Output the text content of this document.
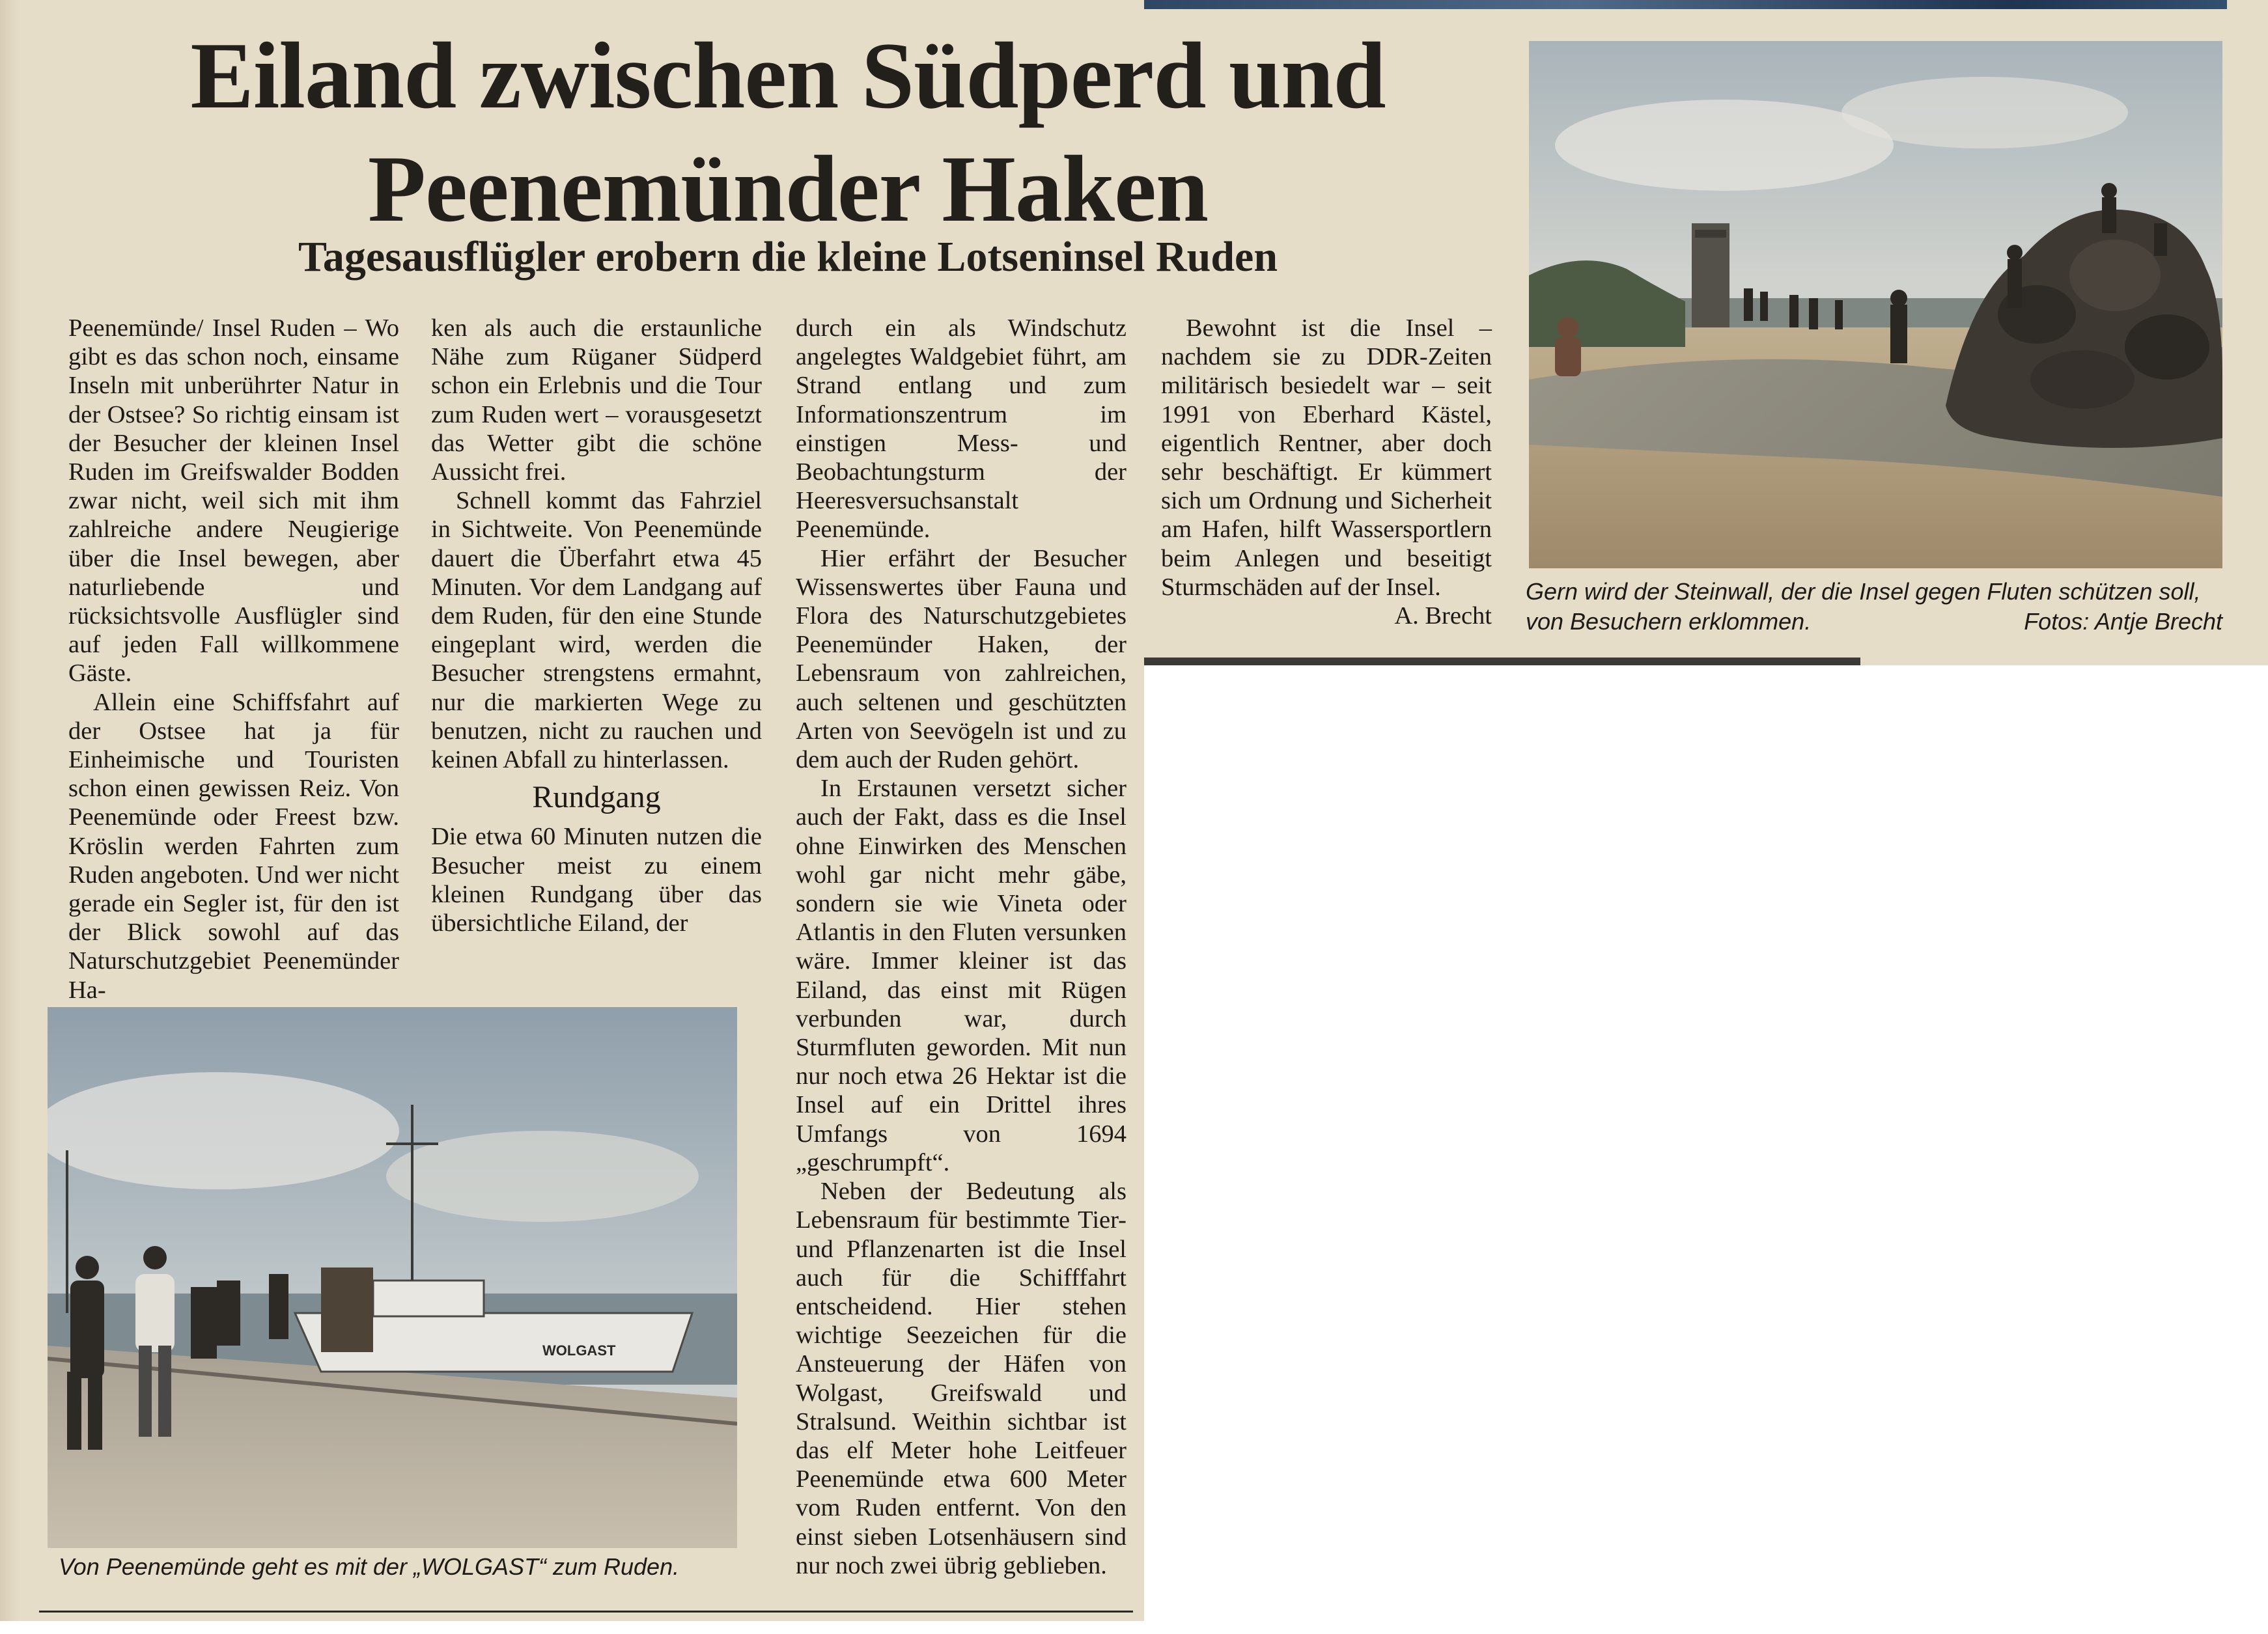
Eiland zwischen Südperd und
Peenemünder Haken
Tagesausflügler erobern die kleine Lotseninsel Ruden

Peenemünde/ Insel Ruden – Wo gibt es das schon noch, einsame Inseln mit unberührter Natur in der Ostsee? So richtig einsam ist der Besucher der kleinen Insel Ruden im Greifswalder Bodden zwar nicht, weil sich mit ihm zahlreiche andere Neugierige über die Insel bewegen, aber naturliebende und rücksichtsvolle Ausflügler sind auf jeden Fall willkommene Gäste.

Allein eine Schiffsfahrt auf der Ostsee hat ja für Einheimische und Touristen schon einen gewissen Reiz. Von Peenemünde oder Freest bzw. Kröslin werden Fahrten zum Ruden angeboten. Und wer nicht gerade ein Segler ist, für den ist der Blick sowohl auf das Naturschutzgebiet Peenemünder Ha-

ken als auch die erstaunliche Nähe zum Rüganer Südperd schon ein Erlebnis und die Tour zum Ruden wert – vorausgesetzt das Wetter gibt die schöne Aussicht frei.

Schnell kommt das Fahrziel in Sichtweite. Von Peenemünde dauert die Überfahrt etwa 45 Minuten. Vor dem Landgang auf dem Ruden, für den eine Stunde eingeplant wird, werden die Besucher strengstens ermahnt, nur die markierten Wege zu benutzen, nicht zu rauchen und keinen Abfall zu hinterlassen.

Rundgang

Die etwa 60 Minuten nutzen die Besucher meist zu einem kleinen Rundgang über das übersichtliche Eiland, der

durch ein als Windschutz angelegtes Waldgebiet führt, am Strand entlang und zum Informationszentrum im einstigen Mess- und Beobachtungsturm der Heeresversuchsanstalt Peenemünde.

Hier erfährt der Besucher Wissenswertes über Fauna und Flora des Naturschutzgebietes Peenemünder Haken, der Lebensraum von zahlreichen, auch seltenen und geschützten Arten von Seevögeln ist und zu dem auch der Ruden gehört.

In Erstaunen versetzt sicher auch der Fakt, dass es die Insel ohne Einwirken des Menschen wohl gar nicht mehr gäbe, sondern sie wie Vineta oder Atlantis in den Fluten versunken wäre. Immer kleiner ist das Eiland, das einst mit Rügen verbunden war, durch Sturmfluten geworden. Mit nun nur noch etwa 26 Hektar ist die Insel auf ein Drittel ihres Umfangs von 1694 „geschrumpft“.

Neben der Bedeutung als Lebensraum für bestimmte Tier- und Pflanzenarten ist die Insel auch für die Schifffahrt entscheidend. Hier stehen wichtige Seezeichen für die Ansteuerung der Häfen von Wolgast, Greifswald und Stralsund. Weithin sichtbar ist das elf Meter hohe Leitfeuer Peenemünde etwa 600 Meter vom Ruden entfernt. Von den einst sieben Lotsenhäusern sind nur noch zwei übrig geblieben.

Bewohnt ist die Insel – nachdem sie zu DDR-Zeiten militärisch besiedelt war – seit 1991 von Eberhard Kästel, eigentlich Rentner, aber doch sehr beschäftigt. Er kümmert sich um Ordnung und Sicherheit am Hafen, hilft Wassersportlern beim Anlegen und beseitigt Sturmschäden auf der Insel.

A. Brecht
Gern wird der Steinwall, der die Insel gegen Fluten schützen soll, von Besuchern erklommen.	Fotos: Antje Brecht
WOLGAST
Von Peenemünde geht es mit der „WOLGAST“ zum Ruden.
